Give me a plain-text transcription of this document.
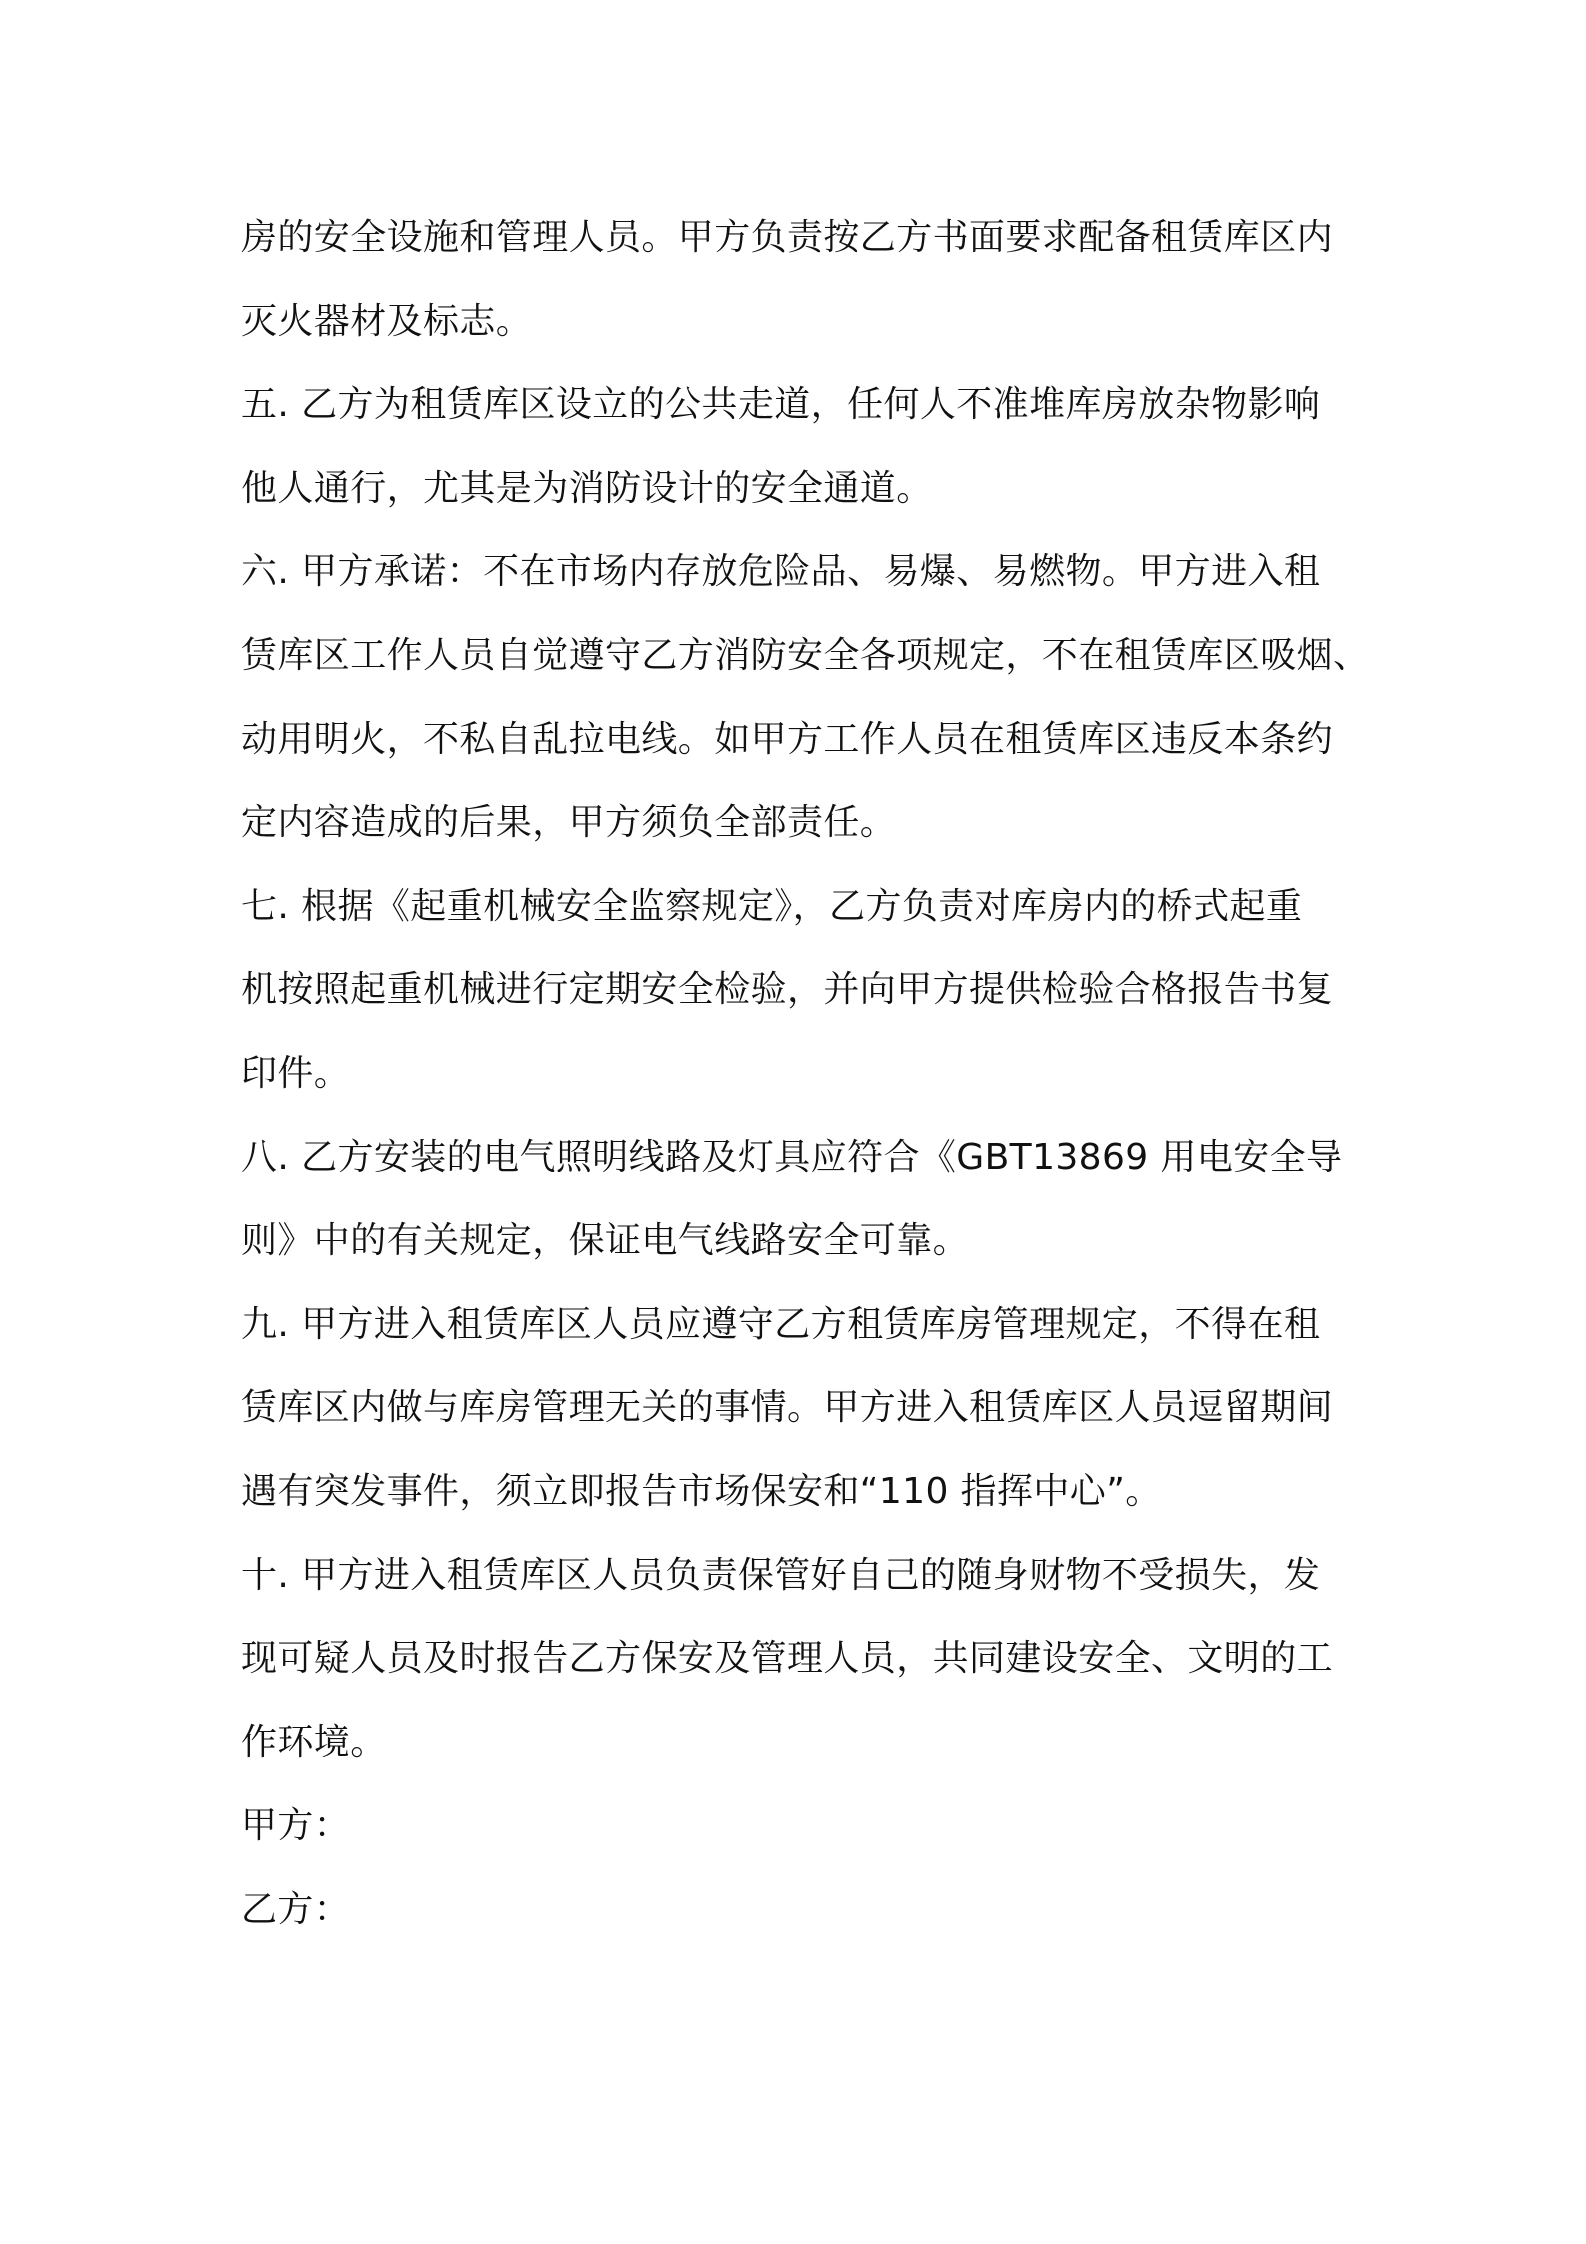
房的安全设施和管理人员。甲方负责按乙方书面要求配备租赁库区内
灭火器材及标志。
五. 乙方为租赁库区设立的公共走道，任何人不准堆库房放杂物影响
他人通行，尤其是为消防设计的安全通道。
六. 甲方承诺：不在市场内存放危险品、易爆、易燃物。甲方进入租
赁库区工作人员自觉遵守乙方消防安全各项规定，不在租赁库区吸烟、
动用明火，不私自乱拉电线。如甲方工作人员在租赁库区违反本条约
定内容造成的后果，甲方须负全部责任。
七. 根据《起重机械安全监察规定》，乙方负责对库房内的桥式起重
机按照起重机械进行定期安全检验，并向甲方提供检验合格报告书复
印件。
八. 乙方安装的电气照明线路及灯具应符合《GBT13869 用电安全导
则》中的有关规定，保证电气线路安全可靠。
九. 甲方进入租赁库区人员应遵守乙方租赁库房管理规定，不得在租
赁库区内做与库房管理无关的事情。甲方进入租赁库区人员逗留期间
遇有突发事件，须立即报告市场保安和“110 指挥中心”。
十. 甲方进入租赁库区人员负责保管好自己的随身财物不受损失，发
现可疑人员及时报告乙方保安及管理人员，共同建设安全、文明的工
作环境。
甲方：
乙方：
